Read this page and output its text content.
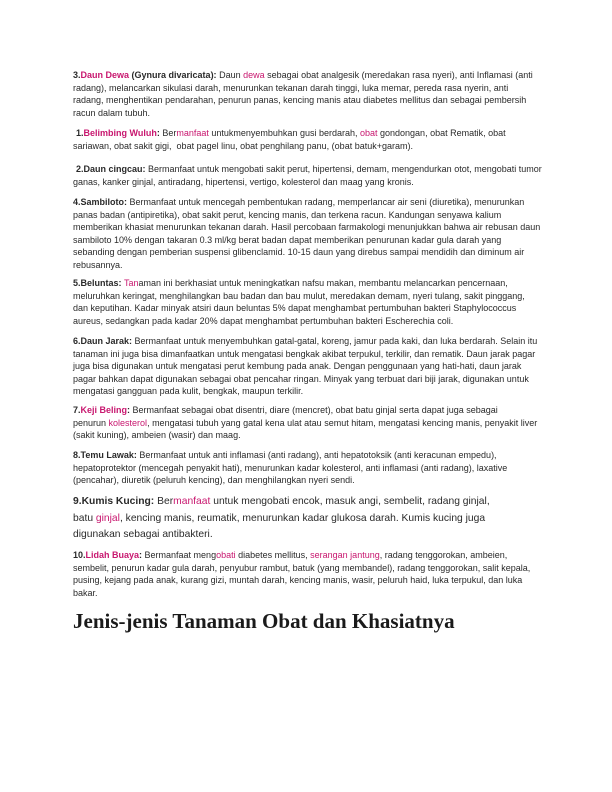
3.Daun Dewa (Gynura divaricata): Daun dewa sebagai obat analgesik (meredakan rasa nyeri), anti Inflamasi (anti
radang), melancarkan sikulasi darah, menurunkan tekanan darah tinggi, luka memar, pereda rasa nyerin, anti
radang, menghentikan pendarahan, penurun panas, kencing manis atau diabetes mellitus dan sebagai pembersih
racun dalam tubuh.
1.Belimbing Wuluh: Bermanfaat untukmenyembuhkan gusi berdarah, obat gondongan, obat Rematik, obat
sariawan, obat sakit gigi,  obat pagel linu, obat penghilang panu, (obat batuk+garam).
2.Daun cingcau: Bermanfaat untuk mengobati sakit perut, hipertensi, demam, mengendurkan otot, mengobati tumor
ganas, kanker ginjal, antiradang, hipertensi, vertigo, kolesterol dan maag yang kronis.
4.Sambiloto: Bermanfaat untuk mencegah pembentukan radang, memperlancar air seni (diuretika), menurunkan
panas badan (antipiretika), obat sakit perut, kencing manis, dan terkena racun. Kandungan senyawa kalium
memberikan khasiat menurunkan tekanan darah. Hasil percobaan farmakologi menunjukkan bahwa air rebusan daun
sambiloto 10% dengan takaran 0.3 ml/kg berat badan dapat memberikan penurunan kadar gula darah yang
sebanding dengan pemberian suspensi glibenclamid. 10-15 daun yang direbus sampai mendidih dan diminum air
rebusannya.
5.Beluntas: Tanaman ini berkhasiat untuk meningkatkan nafsu makan, membantu melancarkan pencernaan,
meluruhkan keringat, menghilangkan bau badan dan bau mulut, meredakan demam, nyeri tulang, sakit pinggang,
dan keputihan. Kadar minyak atsiri daun beluntas 5% dapat menghambat pertumbuhan bakteri Staphylococcus
aureus, sedangkan pada kadar 20% dapat menghambat pertumbuhan bakteri Escherechia coli.
6.Daun Jarak: Bermanfaat untuk menyembuhkan gatal-gatal, koreng, jamur pada kaki, dan luka berdarah. Selain itu
tanaman ini juga bisa dimanfaatkan untuk mengatasi bengkak akibat terpukul, terkilir, dan rematik. Daun jarak pagar
juga bisa digunakan untuk mengatasi perut kembung pada anak. Dengan penggunaan yang hati-hati, daun jarak
pagar bahkan dapat digunakan sebagai obat pencahar ringan. Minyak yang terbuat dari biji jarak, digunakan untuk
mengatasi gangguan pada kulit, bengkak, maupun terkilir.
7.Keji Beling: Bermanfaat sebagai obat disentri, diare (mencret), obat batu ginjal serta dapat juga sebagai
penurun kolesterol, mengatasi tubuh yang gatal kena ulat atau semut hitam, mengatasi kencing manis, penyakit liver
(sakit kuning), ambeien (wasir) dan maag.
8.Temu Lawak: Bermanfaat untuk anti inflamasi (anti radang), anti hepatotoksik (anti keracunan empedu),
hepatoprotektor (mencegah penyakit hati), menurunkan kadar kolesterol, anti inflamasi (anti radang), laxative
(pencahar), diuretik (peluruh kencing), dan menghilangkan nyeri sendi.
9.Kumis Kucing: Bermanfaat untuk mengobati encok, masuk angi, sembelit, radang ginjal,
batu ginjal, kencing manis, reumatik, menurunkan kadar glukosa darah. Kumis kucing juga
digunakan sebagai antibakteri.
10.Lidah Buaya: Bermanfaat mengobati diabetes mellitus, serangan jantung, radang tenggorokan, ambeien,
sembelit, penurun kadar gula darah, penyubur rambut, batuk (yang membandel), radang tenggorokan, salit kepala,
pusing, kejang pada anak, kurang gizi, muntah darah, kencing manis, wasir, peluruh haid, luka terpukul, dan luka
bakar.
Jenis-jenis Tanaman Obat dan Khasiatnya
